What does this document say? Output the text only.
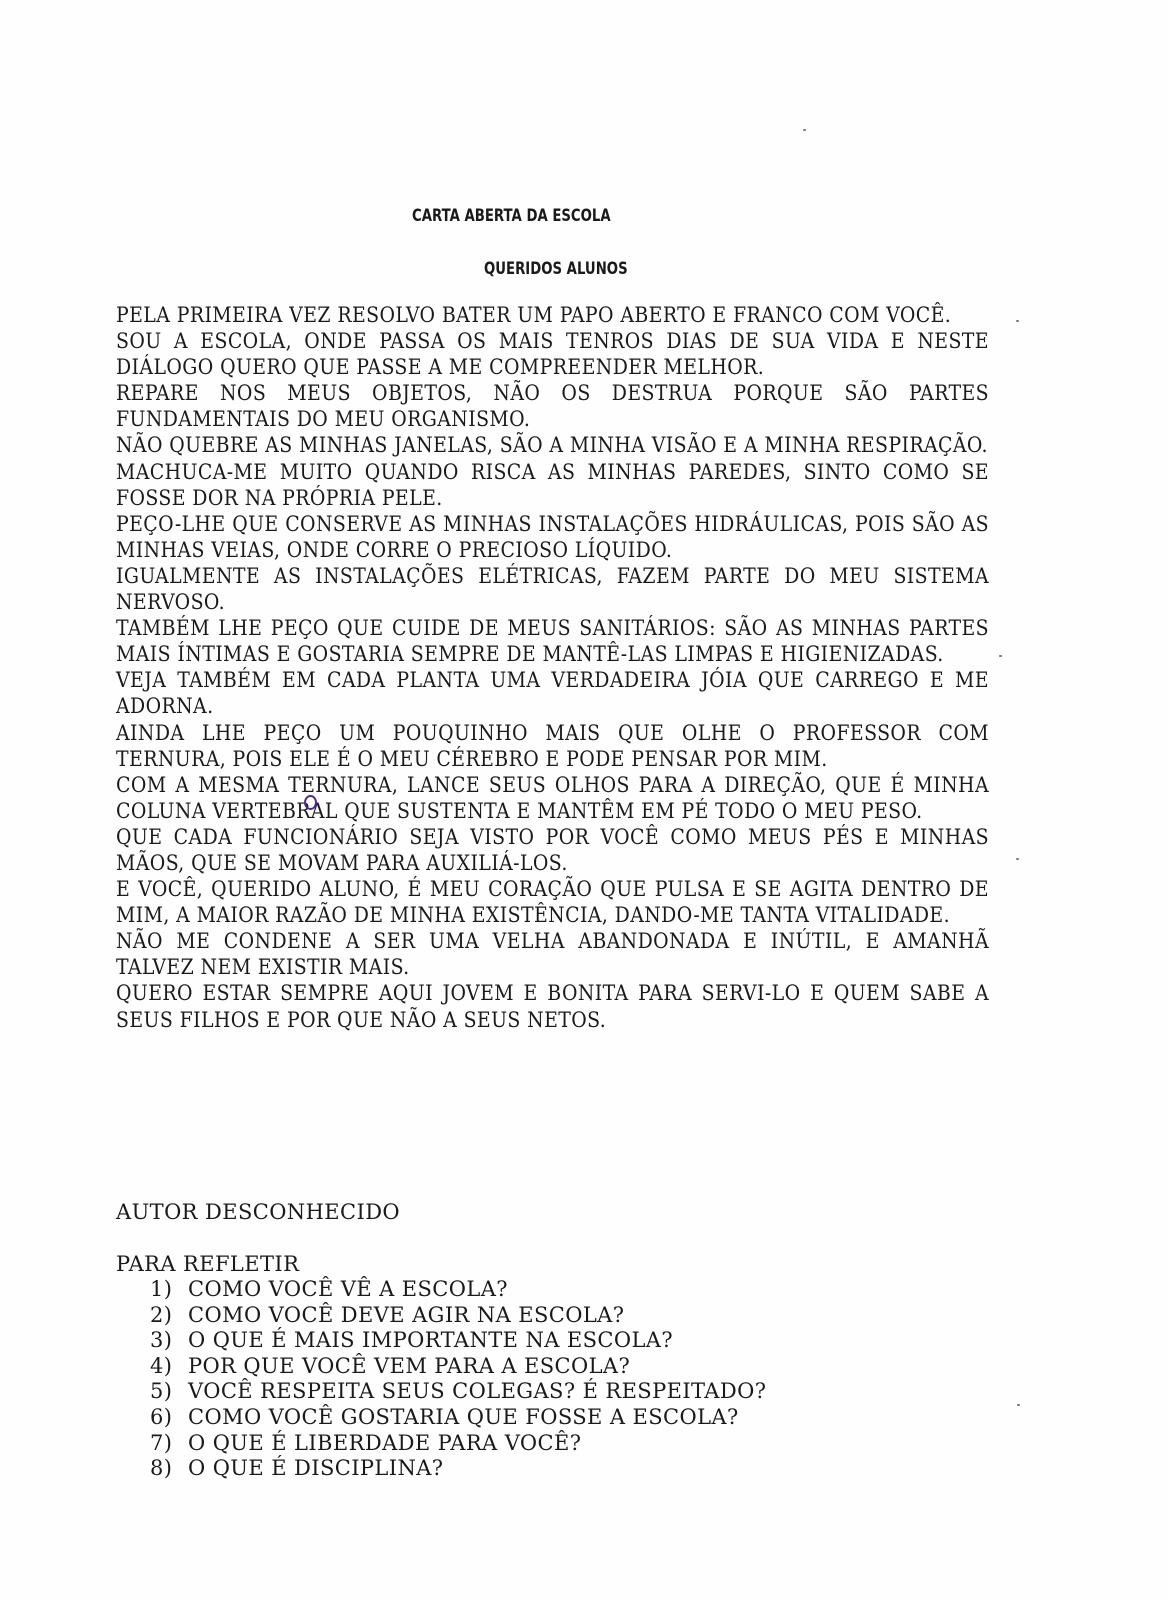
CARTA ABERTA DA ESCOLA
QUERIDOS ALUNOS

PELA PRIMEIRA VEZ RESOLVO BATER UM PAPO ABERTO E FRANCO COM VOCÊ.

SOU A ESCOLA, ONDE PASSA OS MAIS TENROS DIAS DE SUA VIDA E NESTE DIÁLOGO QUERO QUE PASSE A ME COMPREENDER MELHOR.

REPARE NOS MEUS OBJETOS, NÃO OS DESTRUA PORQUE SÃO PARTES FUNDAMENTAIS DO MEU ORGANISMO.

NÃO QUEBRE AS MINHAS JANELAS, SÃO A MINHA VISÃO E A MINHA RESPIRAÇÃO.

MACHUCA-ME MUITO QUANDO RISCA AS MINHAS PAREDES, SINTO COMO SE FOSSE DOR NA PRÓPRIA PELE.

PEÇO-LHE QUE CONSERVE AS MINHAS INSTALAÇÕES HIDRÁULICAS, POIS SÃO AS MINHAS VEIAS, ONDE CORRE O PRECIOSO LÍQUIDO.

IGUALMENTE AS INSTALAÇÕES ELÉTRICAS, FAZEM PARTE DO MEU SISTEMA NERVOSO.

TAMBÉM LHE PEÇO QUE CUIDE DE MEUS SANITÁRIOS: SÃO AS MINHAS PARTES MAIS ÍNTIMAS E GOSTARIA SEMPRE DE MANTÊ-LAS LIMPAS E HIGIENIZADAS.

VEJA TAMBÉM EM CADA PLANTA UMA VERDADEIRA JÓIA QUE CARREGO E ME ADORNA.

AINDA LHE PEÇO UM POUQUINHO MAIS QUE OLHE O PROFESSOR COM TERNURA, POIS ELE É O MEU CÉREBRO E PODE PENSAR POR MIM.

COM A MESMA TERNURA, LANCE SEUS OLHOS PARA A DIREÇÃO, QUE É MINHA COLUNA VERTEBRAL QUE SUSTENTA E MANTÊM EM PÉ TODO O MEU PESO.

QUE CADA FUNCIONÁRIO SEJA VISTO POR VOCÊ COMO MEUS PÉS E MINHAS MÃOS, QUE SE MOVAM PARA AUXILIÁ-LOS.

E VOCÊ, QUERIDO ALUNO, É MEU CORAÇÃO QUE PULSA E SE AGITA DENTRO DE MIM, A MAIOR RAZÃO DE MINHA EXISTÊNCIA, DANDO-ME TANTA VITALIDADE.

NÃO ME CONDENE A SER UMA VELHA ABANDONADA E INÚTIL, E AMANHÃ TALVEZ NEM EXISTIR MAIS.

QUERO ESTAR SEMPRE AQUI JOVEM E BONITA PARA SERVI-LO E QUEM SABE A SEUS FILHOS E POR QUE NÃO A SEUS NETOS.

AUTOR DESCONHECIDO
PARA REFLETIR
1) COMO VOCÊ VÊ A ESCOLA?
2) COMO VOCÊ DEVE AGIR NA ESCOLA?
3) O QUE É MAIS IMPORTANTE NA ESCOLA?
4) POR QUE VOCÊ VEM PARA A ESCOLA?
5) VOCÊ RESPEITA SEUS COLEGAS? É RESPEITADO?
6) COMO VOCÊ GOSTARIA QUE FOSSE A ESCOLA?
7) O QUE É LIBERDADE PARA VOCÊ?
8) O QUE É DISCIPLINA?
